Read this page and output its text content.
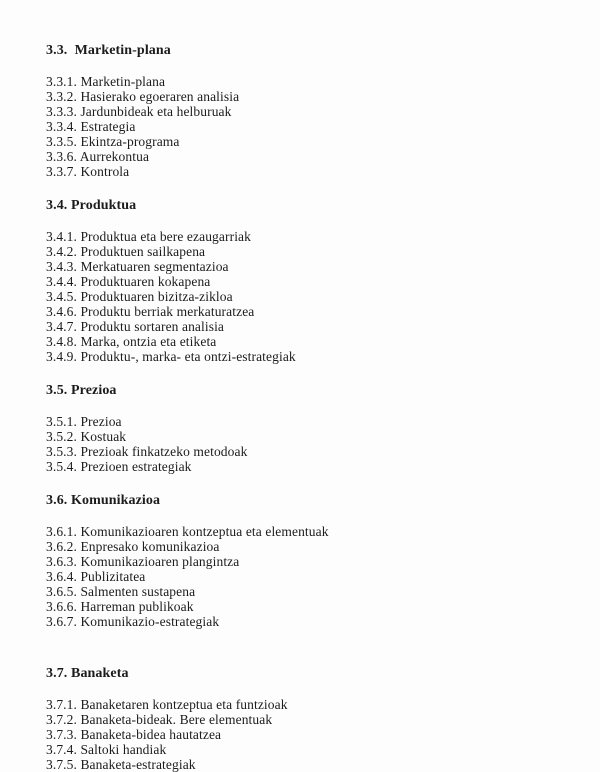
3.3.  Marketin-plana
3.3.1. Marketin-plana
3.3.2. Hasierako egoeraren analisia
3.3.3. Jardunbideak eta helburuak
3.3.4. Estrategia
3.3.5. Ekintza-programa
3.3.6. Aurrekontua
3.3.7. Kontrola
3.4. Produktua
3.4.1. Produktua eta bere ezaugarriak
3.4.2. Produktuen sailkapena
3.4.3. Merkatuaren segmentazioa
3.4.4. Produktuaren kokapena
3.4.5. Produktuaren bizitza-zikloa
3.4.6. Produktu berriak merkaturatzea
3.4.7. Produktu sortaren analisia
3.4.8. Marka, ontzia eta etiketa
3.4.9. Produktu-, marka- eta ontzi-estrategiak
3.5. Prezioa
3.5.1. Prezioa
3.5.2. Kostuak
3.5.3. Prezioak finkatzeko metodoak
3.5.4. Prezioen estrategiak
3.6. Komunikazioa
3.6.1. Komunikazioaren kontzeptua eta elementuak
3.6.2. Enpresako komunikazioa
3.6.3. Komunikazioaren plangintza
3.6.4. Publizitatea
3.6.5. Salmenten sustapena
3.6.6. Harreman publikoak
3.6.7. Komunikazio-estrategiak
3.7. Banaketa
3.7.1. Banaketaren kontzeptua eta funtzioak
3.7.2. Banaketa-bideak. Bere elementuak
3.7.3. Banaketa-bidea hautatzea
3.7.4. Saltoki handiak
3.7.5. Banaketa-estrategiak
